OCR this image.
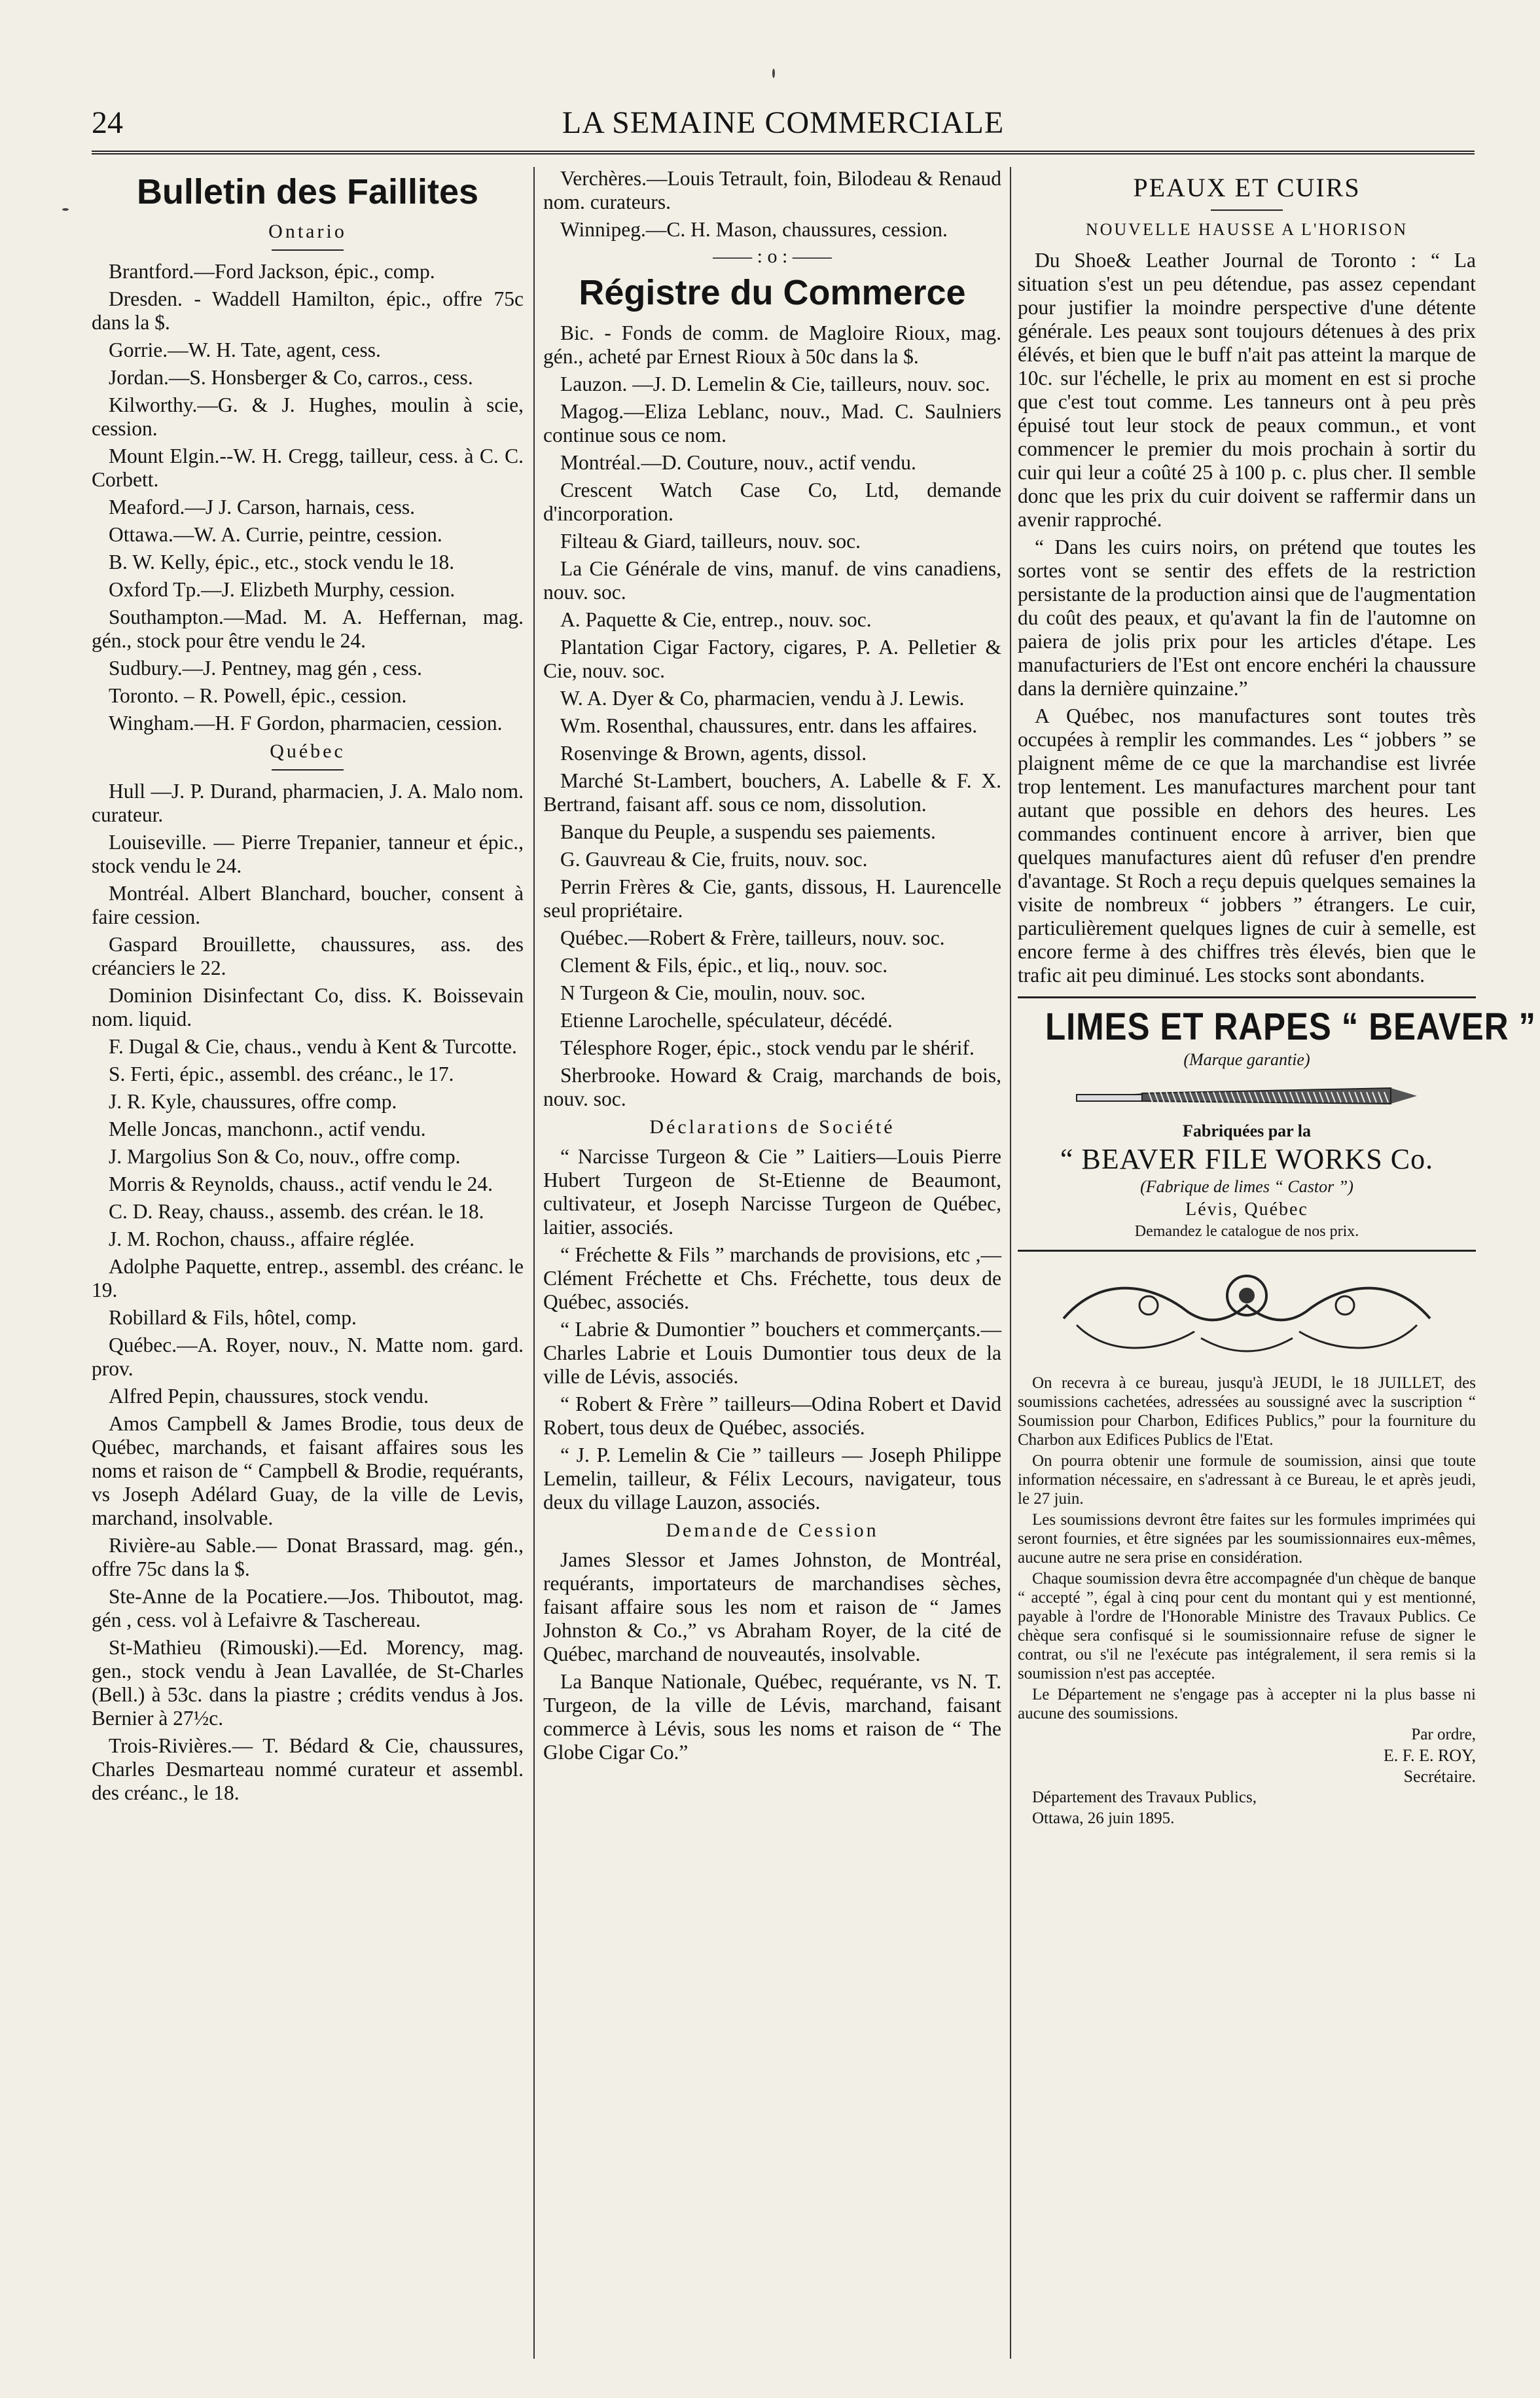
24	LA SEMAINE COMMERCIALE
Bulletin des Faillites
Ontario

Brantford.—Ford Jackson, épic., comp.

Dresden. - Waddell Hamilton, épic., offre 75c dans la $.

Gorrie.—W. H. Tate, agent, cess.

Jordan.—S. Honsberger & Co, carros., cess.

Kilworthy.—G. & J. Hughes, moulin à scie, cession.

Mount Elgin.--W. H. Cregg, tailleur, cess. à C. C. Corbett.

Meaford.—J J. Carson, harnais, cess.

Ottawa.—W. A. Currie, peintre, cession.

B. W. Kelly, épic., etc., stock vendu le 18.

Oxford Tp.—J. Elizbeth Murphy, cession.

Southampton.—Mad. M. A. Heffernan, mag. gén., stock pour être vendu le 24.

Sudbury.—J. Pentney, mag gén , cess.

Toronto. – R. Powell, épic., cession.

Wingham.—H. F Gordon, pharmacien, cession.

Québec

Hull —J. P. Durand, pharmacien, J. A. Malo nom. curateur.

Louiseville. — Pierre Trepanier, tanneur et épic., stock vendu le 24.

Montréal. Albert Blanchard, boucher, consent à faire cession.

Gaspard Brouillette, chaussures, ass. des créanciers le 22.

Dominion Disinfectant Co, diss. K. Boissevain nom. liquid.

F. Dugal & Cie, chaus., vendu à Kent & Turcotte.

S. Ferti, épic., assembl. des créanc., le 17.

J. R. Kyle, chaussures, offre comp.

Melle Joncas, manchonn., actif vendu.

J. Margolius Son & Co, nouv., offre comp.

Morris & Reynolds, chauss., actif vendu le 24.

C. D. Reay, chauss., assemb. des créan. le 18.

J. M. Rochon, chauss., affaire réglée.

Adolphe Paquette, entrep., assembl. des créanc. le 19.

Robillard & Fils, hôtel, comp.

Québec.—A. Royer, nouv., N. Matte nom. gard. prov.

Alfred Pepin, chaussures, stock vendu.

Amos Campbell & James Brodie, tous deux de Québec, marchands, et faisant affaires sous les noms et raison de “ Campbell & Brodie, requérants, vs Joseph Adélard Guay, de la ville de Levis, marchand, insolvable.

Rivière-au Sable.— Donat Brassard, mag. gén., offre 75c dans la $.

Ste-Anne de la Pocatiere.—Jos. Thiboutot, mag. gén , cess. vol à Lefaivre & Taschereau.

St-Mathieu (Rimouski).—Ed. Morency, mag. gen., stock vendu à Jean Lavallée, de St-Charles (Bell.) à 53c. dans la piastre ; crédits vendus à Jos. Bernier à 27½c.

Trois-Rivières.— T. Bédard & Cie, chaussures, Charles Desmarteau nommé curateur et assembl. des créanc., le 18.

Verchères.—Louis Tetrault, foin, Bilodeau & Renaud nom. curateurs.

Winnipeg.—C. H. Mason, chaussures, cession.

—— : o : ——
Régistre du Commerce

Bic. - Fonds de comm. de Magloire Rioux, mag. gén., acheté par Ernest Rioux à 50c dans la $.

Lauzon. —J. D. Lemelin & Cie, tailleurs, nouv. soc.

Magog.—Eliza Leblanc, nouv., Mad. C. Saulniers continue sous ce nom.

Montréal.—D. Couture, nouv., actif vendu.

Crescent Watch Case Co, Ltd, demande d'incorporation.

Filteau & Giard, tailleurs, nouv. soc.

La Cie Générale de vins, manuf. de vins canadiens, nouv. soc.

A. Paquette & Cie, entrep., nouv. soc.

Plantation Cigar Factory, cigares, P. A. Pelletier & Cie, nouv. soc.

W. A. Dyer & Co, pharmacien, vendu à J. Lewis.

Wm. Rosenthal, chaussures, entr. dans les affaires.

Rosenvinge & Brown, agents, dissol.

Marché St-Lambert, bouchers, A. Labelle & F. X. Bertrand, faisant aff. sous ce nom, dissolution.

Banque du Peuple, a suspendu ses paiements.

G. Gauvreau & Cie, fruits, nouv. soc.

Perrin Frères & Cie, gants, dissous, H. Laurencelle seul propriétaire.

Québec.—Robert & Frère, tailleurs, nouv. soc.

Clement & Fils, épic., et liq., nouv. soc.

N Turgeon & Cie, moulin, nouv. soc.

Etienne Larochelle, spéculateur, décédé.

Télesphore Roger, épic., stock vendu par le shérif.

Sherbrooke. Howard & Craig, marchands de bois, nouv. soc.

Déclarations de Société

“ Narcisse Turgeon & Cie ” Laitiers—Louis Pierre Hubert Turgeon de St-Etienne de Beaumont, cultivateur, et Joseph Narcisse Turgeon de Québec, laitier, associés.

“ Fréchette & Fils ” marchands de provisions, etc ,—Clément Fréchette et Chs. Fréchette, tous deux de Québec, associés.

“ Labrie & Dumontier ” bouchers et commerçants.—Charles Labrie et Louis Dumontier tous deux de la ville de Lévis, associés.

“ Robert & Frère ” tailleurs—Odina Robert et David Robert, tous deux de Québec, associés.

“ J. P. Lemelin & Cie ” tailleurs — Joseph Philippe Lemelin, tailleur, & Félix Lecours, navigateur, tous deux du village Lauzon, associés.

Demande de Cession

James Slessor et James Johnston, de Montréal, requérants, importateurs de marchandises sèches, faisant affaire sous les nom et raison de “ James Johnston & Co.,” vs Abraham Royer, de la cité de Québec, marchand de nouveautés, insolvable.

La Banque Nationale, Québec, requérante, vs N. T. Turgeon, de la ville de Lévis, marchand, faisant commerce à Lévis, sous les noms et raison de “ The Globe Cigar Co.”

PEAUX ET CUIRS
NOUVELLE HAUSSE A L'HORISON

Du Shoe& Leather Journal de Toronto : “ La situation s'est un peu détendue, pas assez cependant pour justifier la moindre perspective d'une détente générale. Les peaux sont toujours détenues à des prix élévés, et bien que le buff n'ait pas atteint la marque de 10c. sur l'échelle, le prix au moment en est si proche que c'est tout comme. Les tanneurs ont à peu près épuisé tout leur stock de peaux commun., et vont commencer le premier du mois prochain à sortir du cuir qui leur a coûté 25 à 100 p. c. plus cher. Il semble donc que les prix du cuir doivent se raffermir dans un avenir rapproché.

“ Dans les cuirs noirs, on prétend que toutes les sortes vont se sentir des effets de la restriction persistante de la production ainsi que de l'augmentation du coût des peaux, et qu'avant la fin de l'automne on paiera de jolis prix pour les articles d'étape. Les manufacturiers de l'Est ont encore enchéri la chaussure dans la dernière quinzaine.”

A Québec, nos manufactures sont toutes très occupées à remplir les commandes. Les “ jobbers ” se plaignent même de ce que la marchandise est livrée trop lentement. Les manufactures marchent pour tant autant que possible en dehors des heures. Les commandes continuent encore à arriver, bien que quelques manufactures aient dû refuser d'en prendre d'avantage. St Roch a reçu depuis quelques semaines la visite de nombreux “ jobbers ” étrangers. Le cuir, particulièrement quelques lignes de cuir à semelle, est encore ferme à des chiffres très élevés, bien que le trafic ait peu diminué. Les stocks sont abondants.

LIMES ET RAPES “ BEAVER ”
(Marque garantie)
Fabriquées par la
“ BEAVER FILE WORKS Co.
(Fabrique de limes “ Castor ”)
Lévis, Québec
Demandez le catalogue de nos prix.

On recevra à ce bureau, jusqu'à JEUDI, le 18 JUILLET, des soumissions cachetées, adressées au soussigné avec la suscription “ Soumission pour Charbon, Edifices Publics,” pour la fourniture du Charbon aux Edifices Publics de l'Etat.

On pourra obtenir une formule de soumission, ainsi que toute information nécessaire, en s'adressant à ce Bureau, le et après jeudi, le 27 juin.

Les soumissions devront être faites sur les formules imprimées qui seront fournies, et être signées par les soumissionnaires eux-mêmes, aucune autre ne sera prise en considération.

Chaque soumission devra être accompagnée d'un chèque de banque “ accepté ”, égal à cinq pour cent du montant qui y est mentionné, payable à l'ordre de l'Honorable Ministre des Travaux Publics. Ce chèque sera confisqué si le soumissionnaire refuse de signer le contrat, ou s'il ne l'exécute pas intégralement, il sera remis si la soumission n'est pas acceptée.

Le Département ne s'engage pas à accepter ni la plus basse ni aucune des soumissions.

Par ordre,

E. F. E. ROY,

Secrétaire.

Département des Travaux Publics,

Ottawa, 26 juin 1895.
